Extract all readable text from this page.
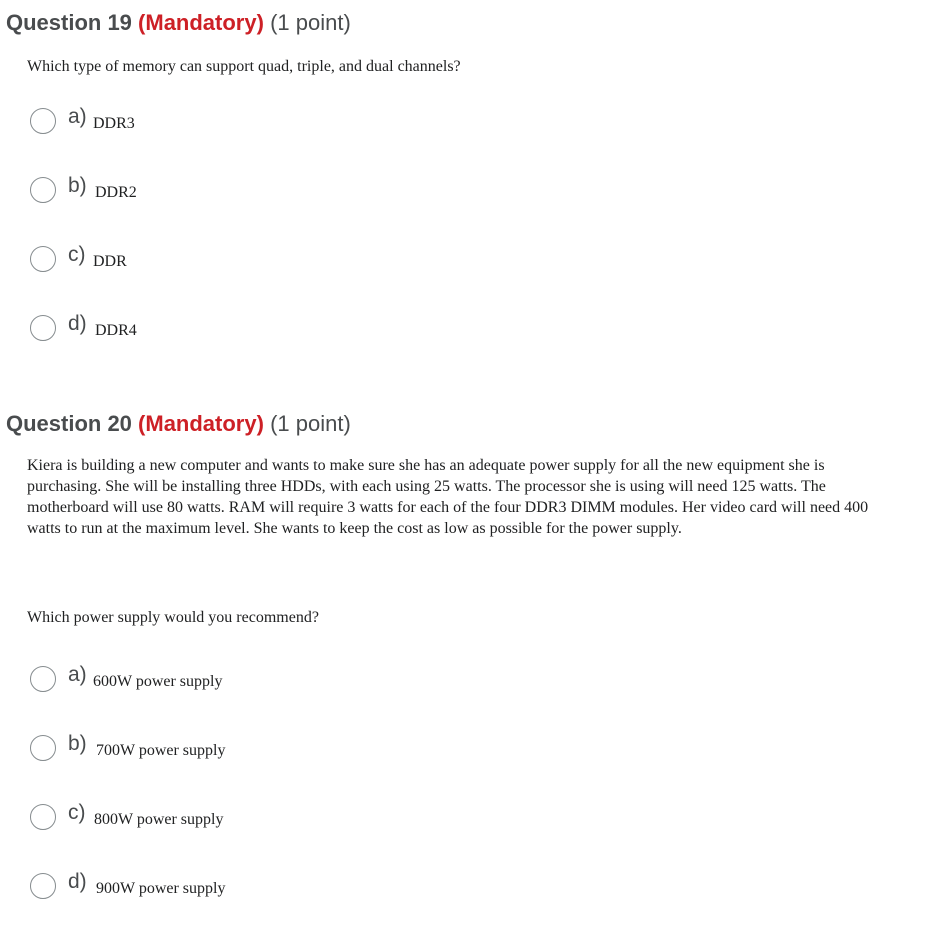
Question 19 (Mandatory) (1 point)

Which type of memory can support quad, triple, and dual channels?

a) DDR3
b) DDR2
c) DDR
d) DDR4
Question 20 (Mandatory) (1 point)

Kiera is building a new computer and wants to make sure she has an adequate power supply for all the new equipment she is purchasing. She will be installing three HDDs, with each using 25 watts. The processor she is using will need 125 watts. The motherboard will use 80 watts. RAM will require 3 watts for each of the four DDR3 DIMM modules. Her video card will need 400 watts to run at the maximum level. She wants to keep the cost as low as possible for the power supply.

Which power supply would you recommend?

a) 600W power supply
b) 700W power supply
c) 800W power supply
d) 900W power supply
